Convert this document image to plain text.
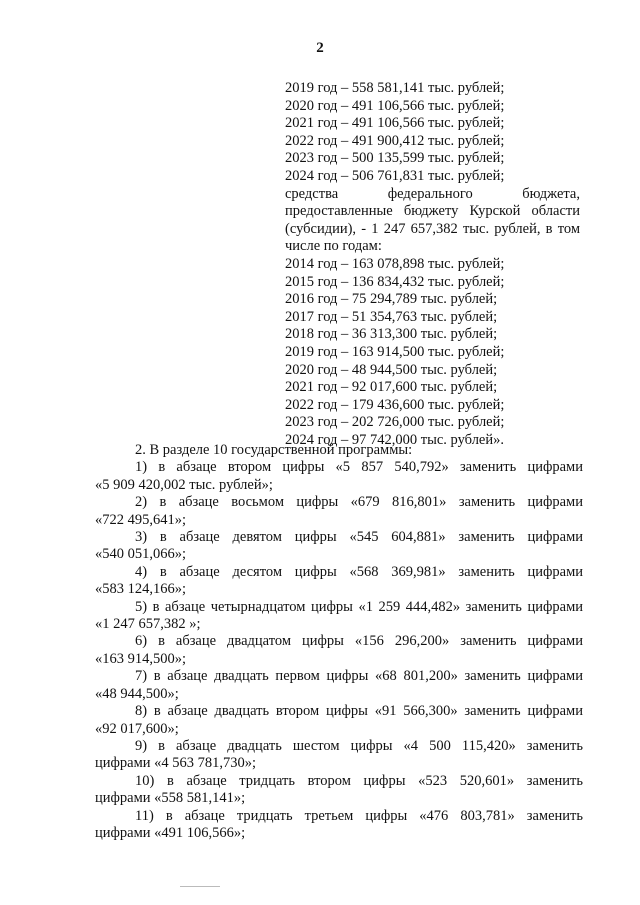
2
2019 год – 558 581,141 тыс. рублей;
2020 год – 491 106,566 тыс. рублей;
2021 год – 491 106,566 тыс. рублей;
2022 год – 491 900,412 тыс. рублей;
2023 год – 500 135,599 тыс. рублей;
2024 год – 506 761,831 тыс. рублей;
средства федерального бюджета,
предоставленные бюджету Курской области
(субсидии), - 1 247 657,382 тыс. рублей, в том
числе по годам:
2014 год – 163 078,898 тыс. рублей;
2015 год – 136 834,432 тыс. рублей;
2016 год – 75 294,789 тыс. рублей;
2017 год – 51 354,763 тыс. рублей;
2018 год – 36 313,300 тыс. рублей;
2019 год – 163 914,500 тыс. рублей;
2020 год – 48 944,500 тыс. рублей;
2021 год – 92 017,600 тыс. рублей;
2022 год – 179 436,600 тыс. рублей;
2023 год – 202 726,000 тыс. рублей;
2024 год – 97 742,000 тыс. рублей».
2. В разделе 10 государственной программы:
1) в абзаце втором цифры «5 857 540,792» заменить цифрами
«5 909 420,002 тыс. рублей»;
2) в абзаце восьмом цифры «679 816,801» заменить цифрами
«722 495,641»;
3) в абзаце девятом цифры «545 604,881» заменить цифрами
«540 051,066»;
4) в абзаце десятом цифры «568 369,981» заменить цифрами
«583 124,166»;
5) в абзаце четырнадцатом цифры «1 259 444,482» заменить цифрами
«1 247 657,382 »;
6) в абзаце двадцатом цифры «156 296,200» заменить цифрами
«163 914,500»;
7) в абзаце двадцать первом цифры «68 801,200» заменить цифрами
«48 944,500»;
8) в абзаце двадцать втором цифры «91 566,300» заменить цифрами
«92 017,600»;
9) в абзаце двадцать шестом цифры «4 500 115,420» заменить
цифрами «4 563 781,730»;
10) в абзаце тридцать втором цифры «523 520,601» заменить
цифрами «558 581,141»;
11) в абзаце тридцать третьем цифры «476 803,781» заменить
цифрами «491 106,566»;
